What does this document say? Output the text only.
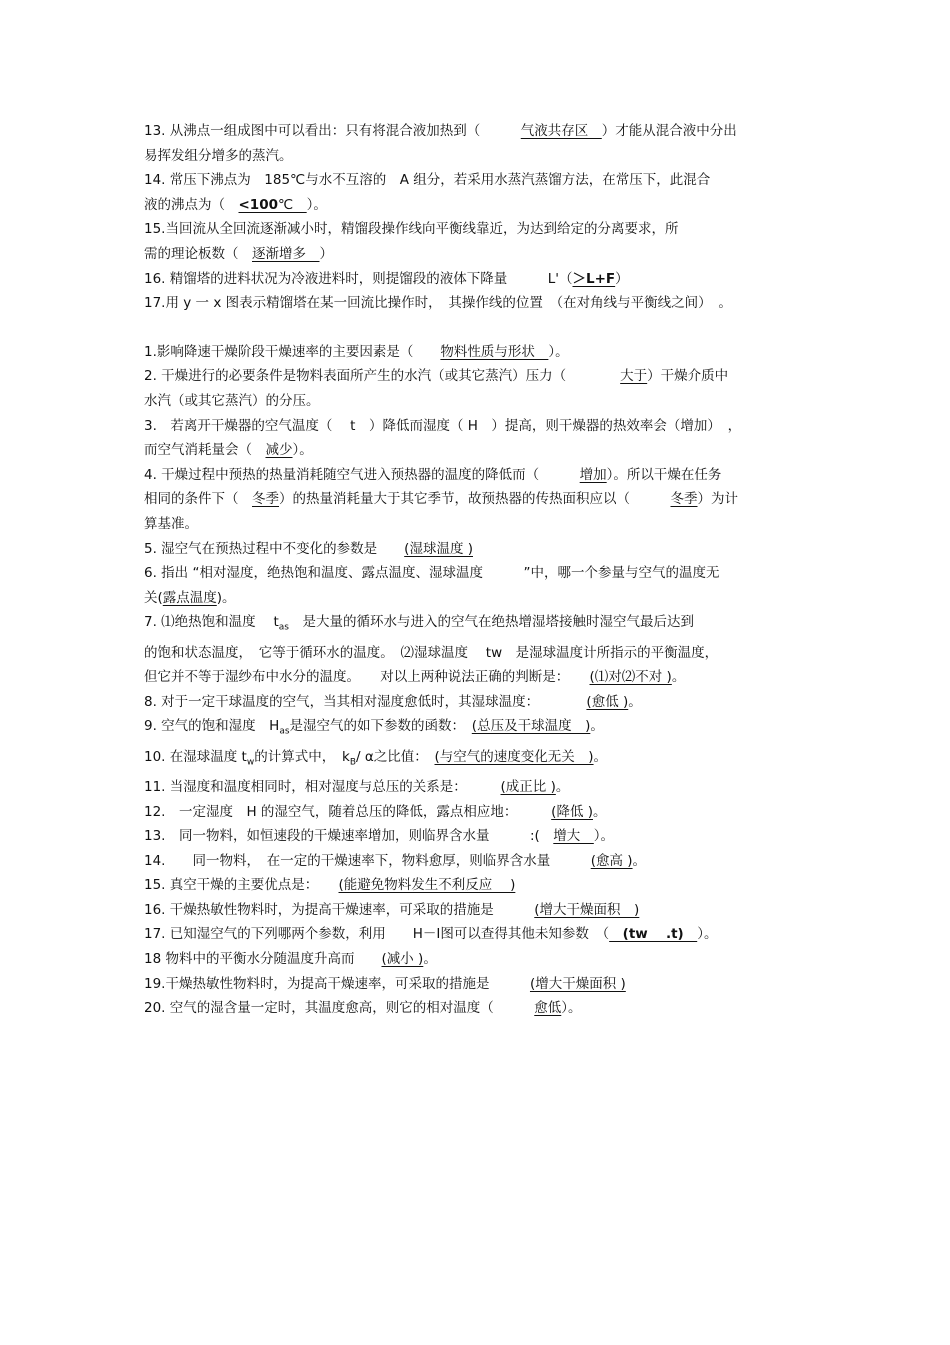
13. 从沸点一组成图中可以看出：只有将混合液加热到（　　　气液共存区　）才能从混合液中分出
易挥发组分增多的蒸汽。
14. 常压下沸点为　185℃与水不互溶的　A 组分，若采用水蒸汽蒸馏方法，在常压下，此混合
液的沸点为（　<100℃　）。
15.当回流从全回流逐渐减小时，精馏段操作线向平衡线靠近，为达到给定的分离要求，所
需的理论板数（　逐渐增多　）
16. 精馏塔的进料状况为冷液进料时，则提馏段的液体下降量　　　L'（＞L+F）
17.用 y 一 x 图表示精馏塔在某一回流比操作时，　其操作线的位置　（在对角线与平衡线之间）　。
1.影响降速干燥阶段干燥速率的主要因素是（　　物料性质与形状　）。
2. 干燥进行的必要条件是物料表面所产生的水汽（或其它蒸汽）压力（　　　　大于）干燥介质中
水汽（或其它蒸汽）的分压。
3.　若离开干燥器的空气温度（　 t　）降低而湿度（ H　）提高，则干燥器的热效率会（增加）　，
而空气消耗量会（　减少）。
4. 干燥过程中预热的热量消耗随空气进入预热器的温度的降低而（　　　增加）。所以干燥在任务
相同的条件下（　冬季）的热量消耗量大于其它季节，故预热器的传热面积应以（　　　冬季）为计
算基准。
5. 湿空气在预热过程中不变化的参数是　　(湿球温度 )
6. 指出 “相对湿度，绝热饱和温度、露点温度、湿球温度　　　”中，哪一个参量与空气的温度无
关(露点温度)。
7. ⑴绝热饱和温度　 $t_{as}$　是大量的循环水与进入的空气在绝热增湿塔接触时湿空气最后达到
的饱和状态温度，　它等于循环水的温度。　⑵湿球温度　 tw　是湿球温度计所指示的平衡温度，
但它并不等于湿纱布中水分的温度。　　对以上两种说法正确的判断是：　　(⑴对⑵不对 )。
8. 对于一定干球温度的空气，当其相对湿度愈低时，其湿球温度：　　　　(愈低 )。
9. 空气的饱和湿度　$H_{as}$是湿空气的如下参数的函数：　(总压及干球温度　)。
10. 在湿球温度 $t_w$的计算式中，　$k_B/$ α之比值：　(与空气的速度变化无关　)。
11. 当湿度和温度相同时，相对湿度与总压的关系是：　　　(成正比 )。
12.　一定湿度　H 的湿空气，随着总压的降低，露点相应地：　　　(降低 )。
13.　同一物料，如恒速段的干燥速率增加，则临界含水量　　　:(　增大　）。
14.　　同一物料，　在一定的干燥速率下，物料愈厚，则临界含水量　　　(愈高 )。
15. 真空干燥的主要优点是：　　(能避免物料发生不利反应　 )
16. 干燥热敏性物料时，为提高干燥速率，可采取的措施是　　　(增大干燥面积　)
17. 已知湿空气的下列哪两个参数，利用　　H－Ⅰ图可以查得其他未知参数　（　(tw　 .t)　）。
18 物料中的平衡水分随温度升高而　　(减小 )。
19.干燥热敏性物料时，为提高干燥速率，可采取的措施是　　　(增大干燥面积 )
20. 空气的湿含量一定时，其温度愈高，则它的相对温度（　　　愈低）。
